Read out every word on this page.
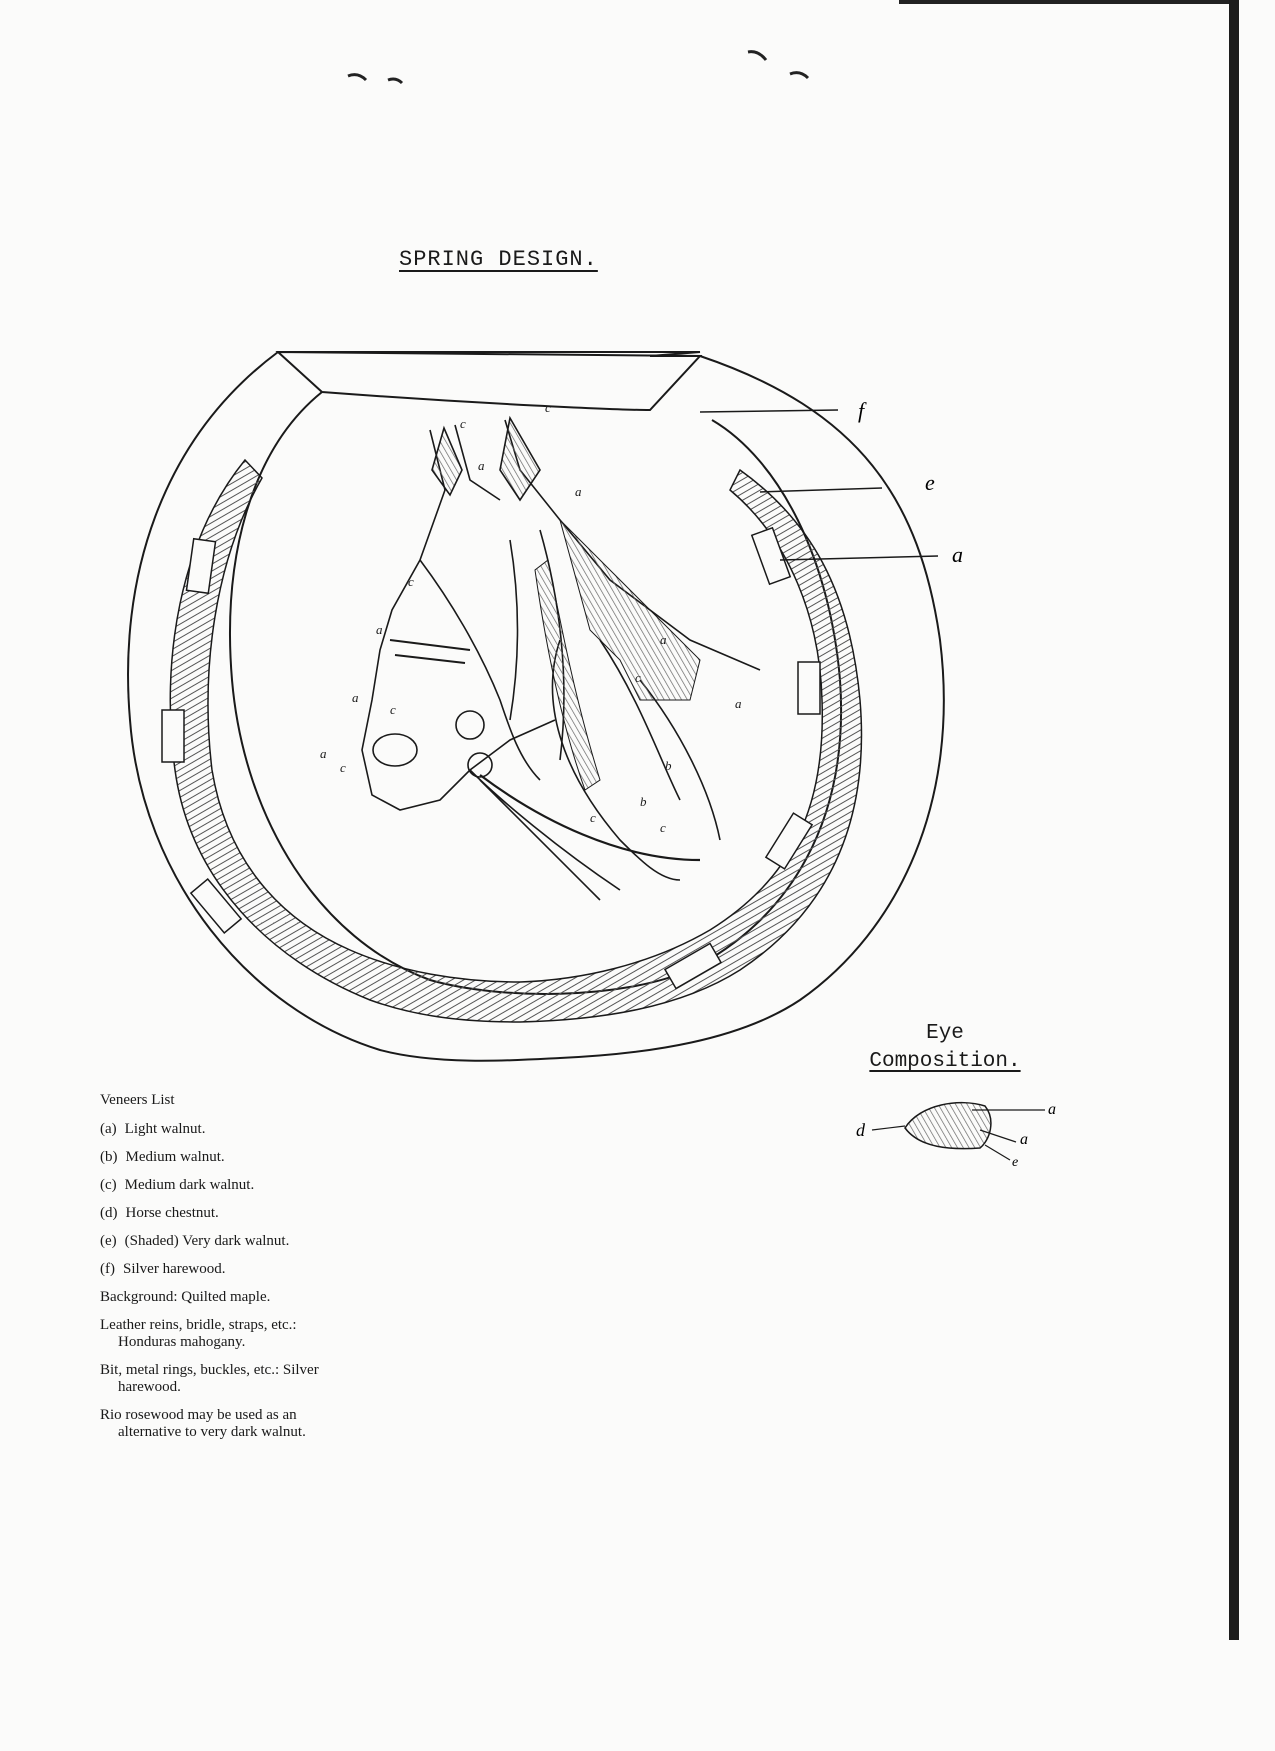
SPRING DESIGN.
f
e
a
c
c
a
a
c
a
a
c
a
c
c
a
a
c
c
b
b
d
a
a
e
Eye
Composition.
Veneers List
(a) Light walnut.
(b) Medium walnut.
(c) Medium dark walnut.
(d) Horse chestnut.
(e) (Shaded) Very dark walnut.
(f) Silver harewood.
Background: Quilted maple.
Leather reins, bridle, straps, etc.: Honduras mahogany.
Bit, metal rings, buckles, etc.: Silver harewood.
Rio rosewood may be used as an alternative to very dark walnut.
